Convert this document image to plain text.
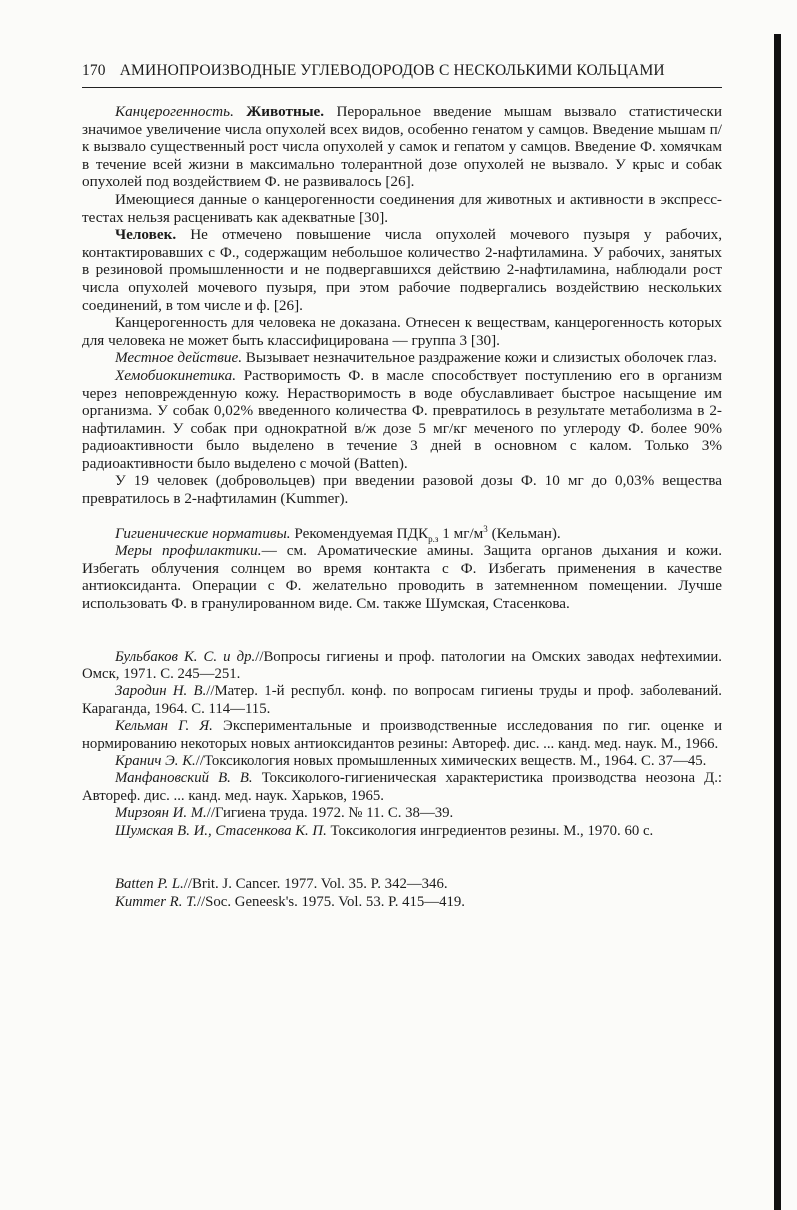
170 АМИНОПРОИЗВОДНЫЕ УГЛЕВОДОРОДОВ С НЕСКОЛЬКИМИ КОЛЬЦАМИ

Канцерогенность. Животные. Пероральное введение мышам вызвало статистически значимое увеличение числа опухолей всех видов, особенно генатом у самцов. Введение мышам п/к вызвало существенный рост числа опухолей у самок и гепатом у самцов. Введение Ф. хомячкам в течение всей жизни в максимально толерантной дозе опухолей не вызвало. У крыс и собак опухолей под воздействием Ф. не развивалось [26].

Имеющиеся данные о канцерогенности соединения для животных и активности в экспресс-тестах нельзя расценивать как адекватные [30].

Человек. Не отмечено повышение числа опухолей мочевого пузыря у рабочих, контактировавших с Ф., содержащим небольшое количество 2-нафтиламина. У рабочих, занятых в резиновой промышленности и не подвергавшихся действию 2-нафтиламина, наблюдали рост числа опухолей мочевого пузыря, при этом рабочие подвергались воздействию нескольких соединений, в том числе и ф. [26].

Канцерогенность для человека не доказана. Отнесен к веществам, канцерогенность которых для человека не может быть классифицирована — группа 3 [30].

Местное действие. Вызывает незначительное раздражение кожи и слизистых оболочек глаз.

Хемобиокинетика. Растворимость Ф. в масле способствует поступлению его в организм через неповрежденную кожу. Нерастворимость в воде обуславливает быстрое насыщение им организма. У собак 0,02% введенного количества Ф. превратилось в результате метаболизма в 2-нафтиламин. У собак при однократной в/ж дозе 5 мг/кг меченого по углероду Ф. более 90% радиоактивности было выделено в течение 3 дней в основном с калом. Только 3% радиоактивности было выделено с мочой (Batten).

У 19 человек (добровольцев) при введении разовой дозы Ф. 10 мг до 0,03% вещества превратилось в 2-нафтиламин (Kummer).

Гигиенические нормативы. Рекомендуемая $ПДК_{р.з}$ 1 $мг/м^3$ (Кельман).

Меры профилактики.— см. Ароматические амины. Защита органов дыхания и кожи. Избегать облучения солнцем во время контакта с Ф. Избегать применения в качестве антиоксиданта. Операции с Ф. желательно проводить в затемненном помещении. Лучше использовать Ф. в гранулированном виде. См. также Шумская, Стасенкова.

Бульбаков К. С. и др.//Вопросы гигиены и проф. патологии на Омских заводах нефтехимии. Омск, 1971. С. 245—251.

Зародин Н. В.//Матер. 1-й республ. конф. по вопросам гигиены труды и проф. заболеваний. Караганда, 1964. С. 114—115.

Кельман Г. Я. Экспериментальные и производственные исследования по гиг. оценке и нормированию некоторых новых антиоксидантов резины: Автореф. дис. ... канд. мед. наук. М., 1966.

Кранич Э. К.//Токсикология новых промышленных химических веществ. М., 1964. С. 37—45.

Манфановский В. В. Токсиколого-гигиеническая характеристика производства неозона Д.: Автореф. дис. ... канд. мед. наук. Харьков, 1965.

Мирзоян И. М.//Гигиена труда. 1972. № 11. С. 38—39.

Шумская В. И., Стасенкова К. П. Токсикология ингредиентов резины. М., 1970. 60 с.

Batten P. L.//Brit. J. Cancer. 1977. Vol. 35. P. 342—346.

Kummer R. T.//Soc. Geneesk's. 1975. Vol. 53. P. 415—419.
